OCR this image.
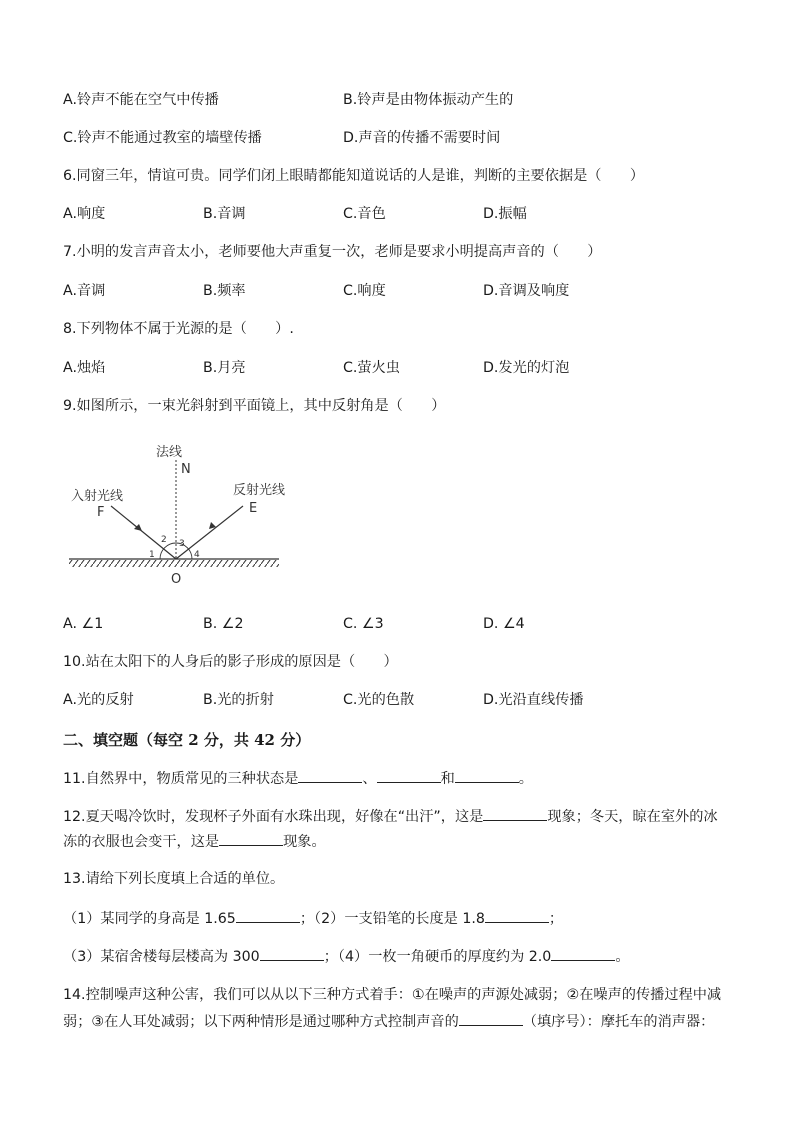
A.铃声不能在空气中传播	B.铃声是由物体振动产生的
C.铃声不能通过教室的墙壁传播	D.声音的传播不需要时间
6.同窗三年，情谊可贵。同学们闭上眼睛都能知道说话的人是谁，判断的主要依据是（　　）
A.响度	B.音调	C.音色	D.振幅
7.小明的发言声音太小，老师要他大声重复一次，老师是要求小明提高声音的（　　）
A.音调	B.频率	C.响度	D.音调及响度
8.下列物体不属于光源的是（　　）.
A.烛焰	B.月亮	C.萤火虫	D.发光的灯泡
9.如图所示，一束光斜射到平面镜上，其中反射角是（　　）
法线
N
入射光线
F
反射光线
E
1
2 3
4
O
A. ∠1	B. ∠2	C. ∠3	D. ∠4
10.站在太阳下的人身后的影子形成的原因是（　　）
A.光的反射	B.光的折射	C.光的色散	D.光沿直线传播
二、填空题（每空 2 分，共 42 分）
11.自然界中，物质常见的三种状态是	、	和	。
12.夏天喝冷饮时，发现杯子外面有水珠出现，好像在“出汗”，这是	现象；冬天，晾在室外的冰
冻的衣服也会变干，这是	现象。
13.请给下列长度填上合适的单位。
（1）某同学的身高是 1.65	；（2）一支铅笔的长度是 1.8	；
（3）某宿舍楼每层楼高为 300	；（4）一枚一角硬币的厚度约为 2.0	。
14.控制噪声这种公害，我们可以从以下三种方式着手：①在噪声的声源处减弱；②在噪声的传播过程中减
弱；③在人耳处减弱；以下两种情形是通过哪种方式控制声音的	（填序号）：摩托车的消声器：
